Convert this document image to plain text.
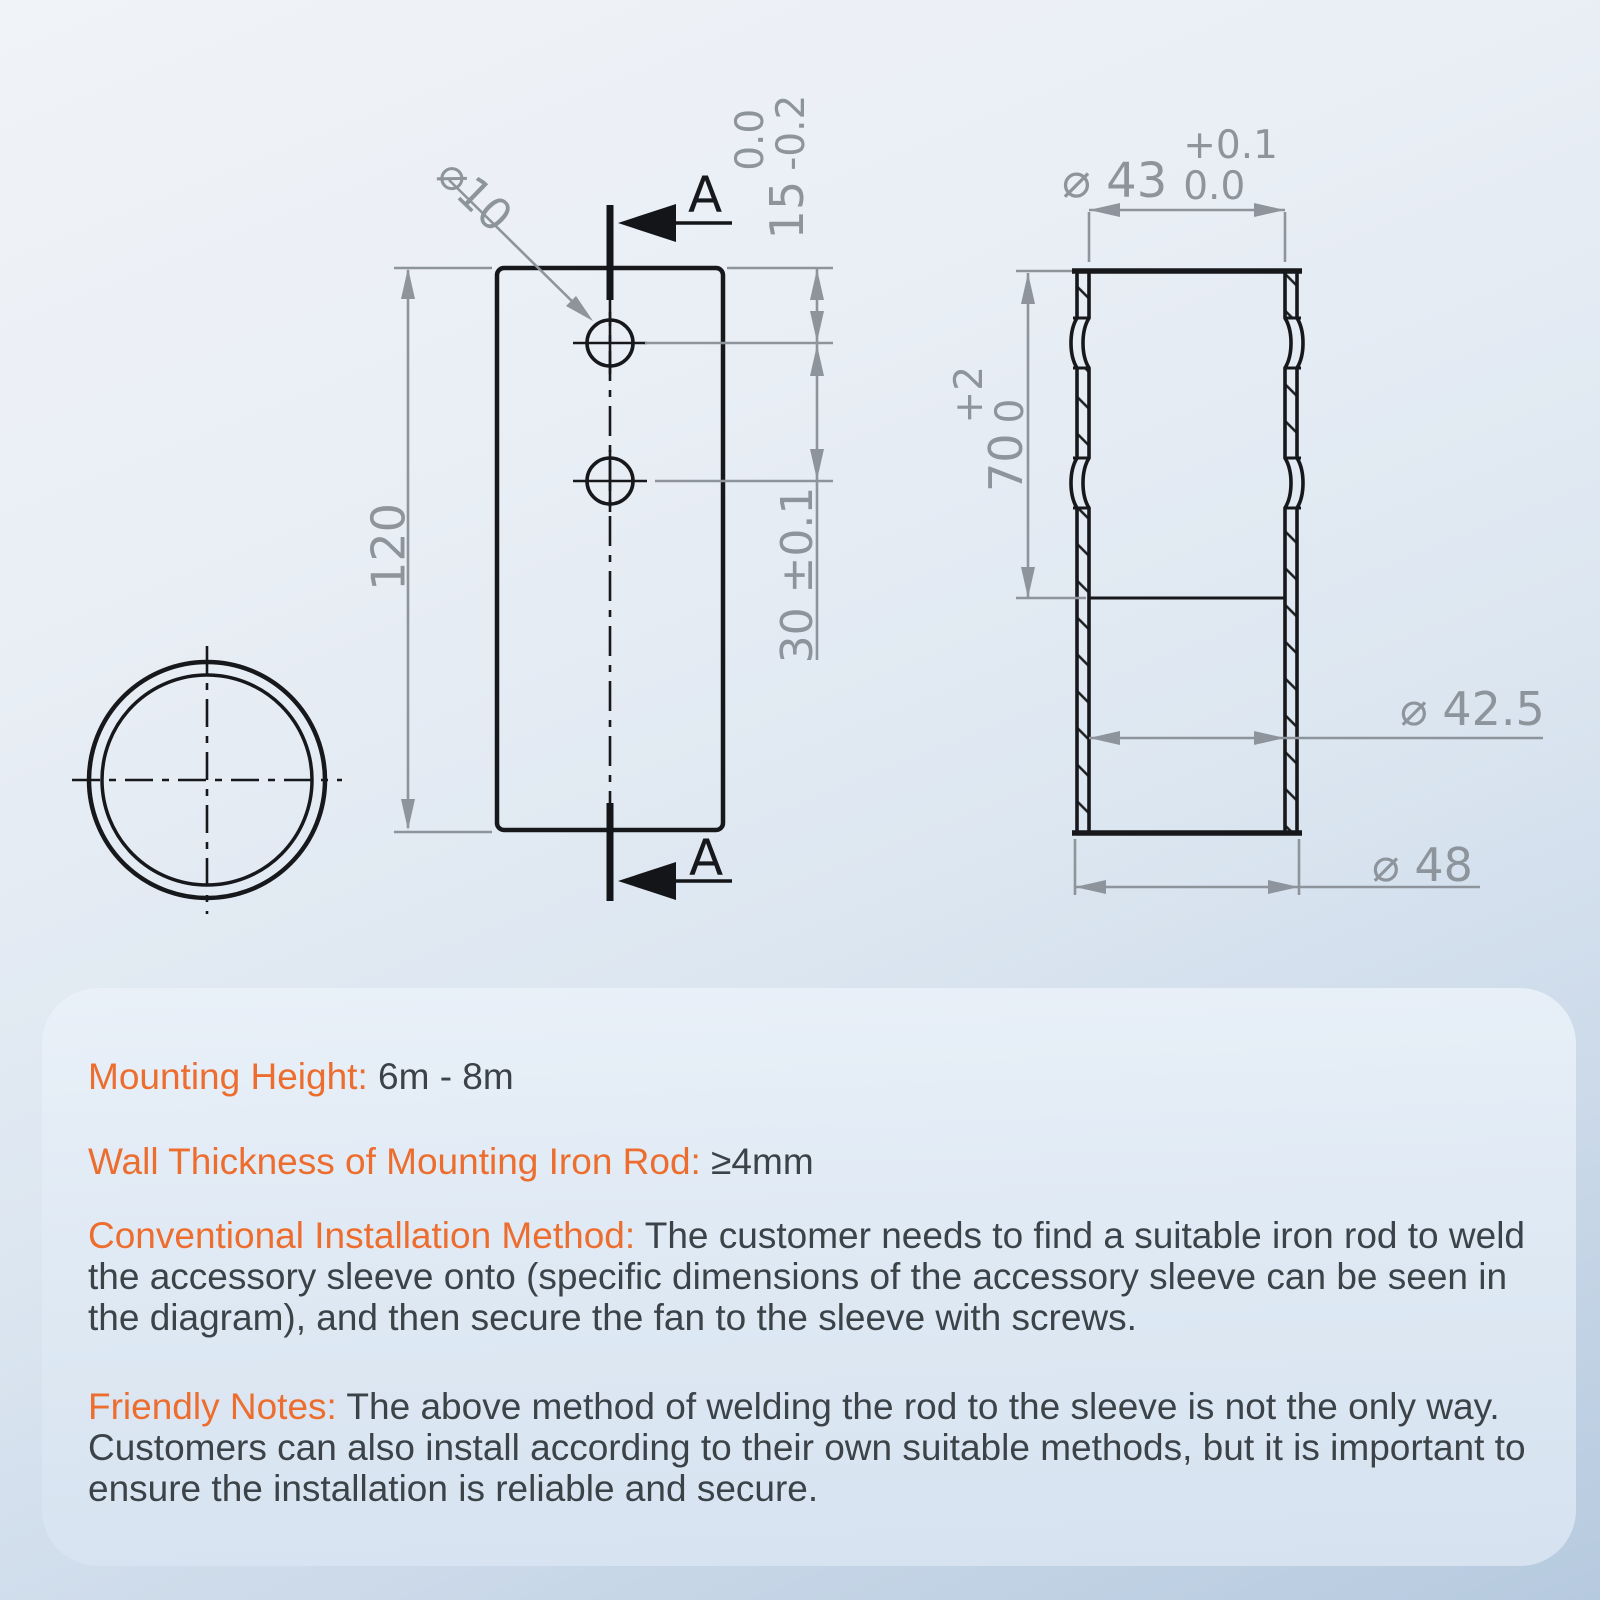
A
A
⌀10
120
15
0.0
-0.2
30 ±0.1
⌀ 43
+0.1
0.0
70
+2
0
⌀ 42.5
⌀ 48

Mounting Height: 6m - 8m

Wall Thickness of Mounting Iron Rod: ≥4mm

Conventional Installation Method: The customer needs to find a suitable iron rod to weld the accessory sleeve onto (specific dimensions of the accessory sleeve can be seen in the diagram), and then secure the fan to the sleeve with screws.

Friendly Notes: The above method of welding the rod to the sleeve is not the only way. Customers can also install according to their own suitable methods, but it is important to ensure the installation is reliable and secure.
